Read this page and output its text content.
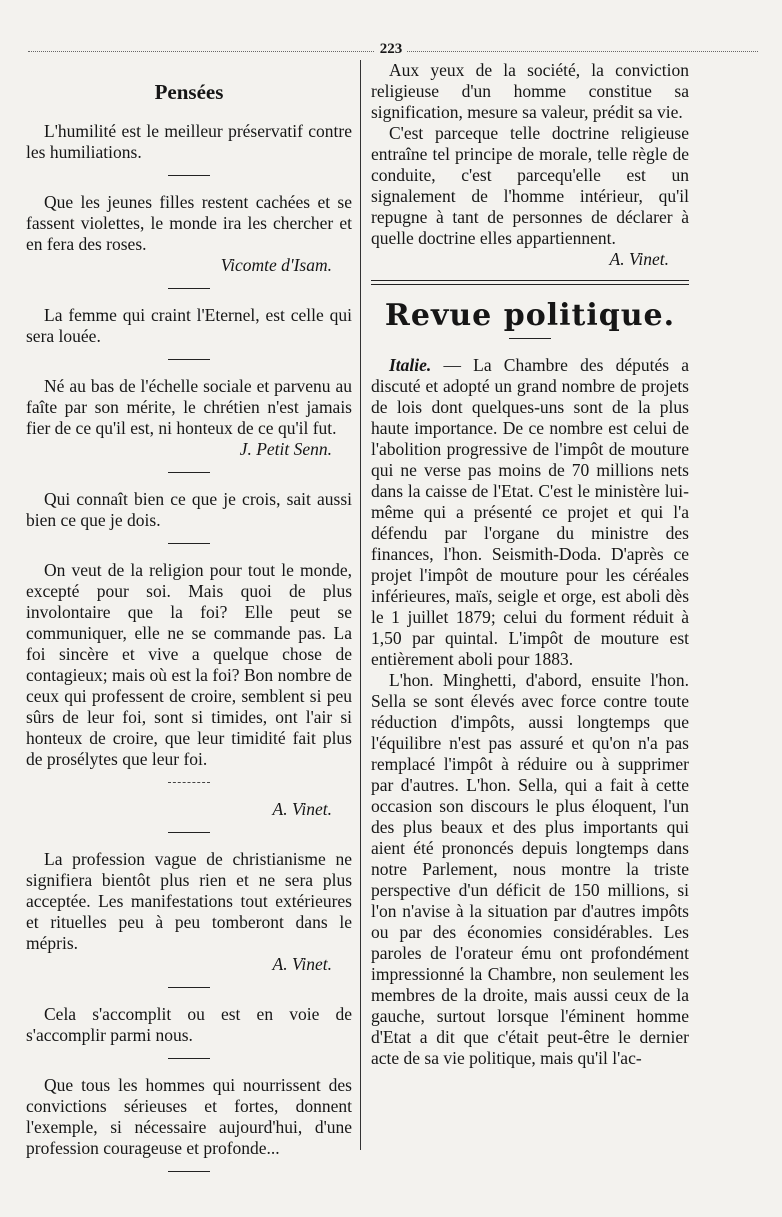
223
Pensées

L'humilité est le meilleur préservatif contre les humiliations.

Que les jeunes filles restent cachées et se fassent violettes, le monde ira les chercher et en fera des roses.

Vicomte d'Isam.

La femme qui craint l'Eternel, est celle qui sera louée.

Né au bas de l'échelle sociale et parvenu au faîte par son mérite, le chrétien n'est jamais fier de ce qu'il est, ni honteux de ce qu'il fut.

J. Petit Senn.

Qui connaît bien ce que je crois, sait aussi bien ce que je dois.

On veut de la religion pour tout le monde, excepté pour soi. Mais quoi de plus involontaire que la foi? Elle peut se communiquer, elle ne se commande pas. La foi sincère et vive a quelque chose de contagieux; mais où est la foi? Bon nombre de ceux qui professent de croire, semblent si peu sûrs de leur foi, sont si timides, ont l'air si honteux de croire, que leur timidité fait plus de prosélytes que leur foi.

A. Vinet.

La profession vague de christianisme ne signifiera bientôt plus rien et ne sera plus acceptée. Les manifestations tout extérieures et rituelles peu à peu tomberont dans le mépris.

A. Vinet.

Cela s'accomplit ou est en voie de s'accomplir parmi nous.

Que tous les hommes qui nourrissent des convictions sérieuses et fortes, donnent l'exemple, si nécessaire aujourd'hui, d'une profession courageuse et profonde...

Aux yeux de la société, la conviction religieuse d'un homme constitue sa signification, mesure sa valeur, prédit sa vie.

C'est parceque telle doctrine religieuse entraîne tel principe de morale, telle règle de conduite, c'est parcequ'elle est un signalement de l'homme intérieur, qu'il repugne à tant de personnes de déclarer à quelle doctrine elles appartiennent.

A. Vinet.
Revue politique.

Italie. — La Chambre des députés a discuté et adopté un grand nombre de projets de lois dont quelques-uns sont de la plus haute importance. De ce nombre est celui de l'abolition progressive de l'impôt de mouture qui ne verse pas moins de 70 millions nets dans la caisse de l'Etat. C'est le ministère lui-même qui a présenté ce projet et qui l'a défendu par l'organe du ministre des finances, l'hon. Seismith-Doda. D'après ce projet l'impôt de mouture pour les céréales inférieures, maïs, seigle et orge, est aboli dès le 1 juillet 1879; celui du forment réduit à 1,50 par quintal. L'impôt de mouture est entièrement aboli pour 1883.

L'hon. Minghetti, d'abord, ensuite l'hon. Sella se sont élevés avec force contre toute réduction d'impôts, aussi longtemps que l'équilibre n'est pas assuré et qu'on n'a pas remplacé l'impôt à réduire ou à supprimer par d'autres. L'hon. Sella, qui a fait à cette occasion son discours le plus éloquent, l'un des plus beaux et des plus importants qui aient été prononcés depuis longtemps dans notre Parlement, nous montre la triste perspective d'un déficit de 150 millions, si l'on n'avise à la situation par d'autres impôts ou par des économies considérables. Les paroles de l'orateur ému ont profondément impressionné la Chambre, non seulement les membres de la droite, mais aussi ceux de la gauche, surtout lorsque l'éminent homme d'Etat a dit que c'était peut-être le dernier acte de sa vie politique, mais qu'il l'ac-
